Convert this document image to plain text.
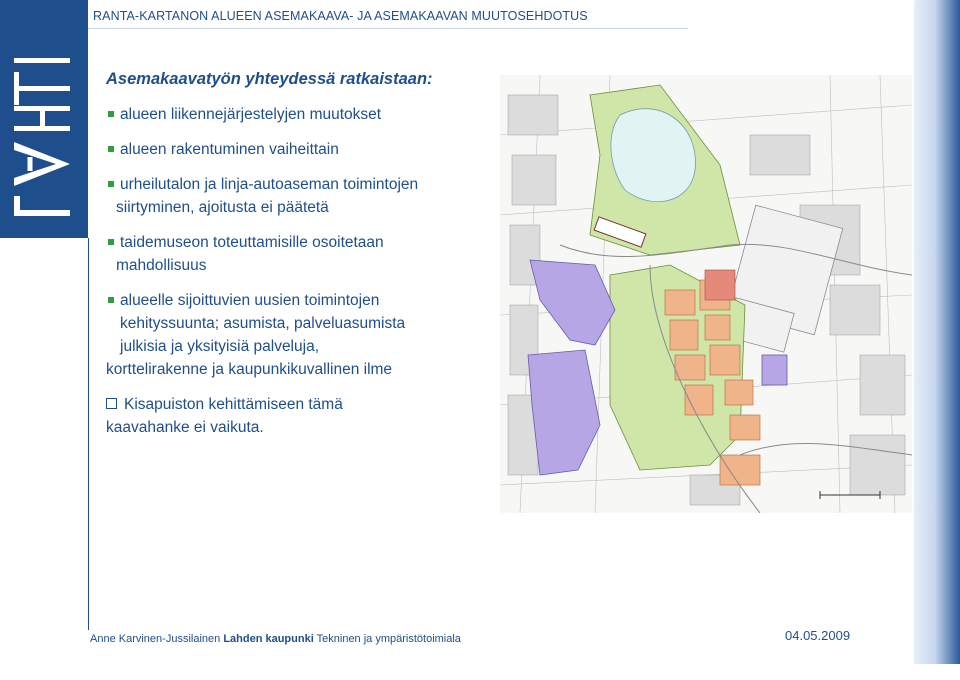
RANTA-KARTANON ALUEEN ASEMAKAAVA- JA ASEMAKAAVAN MUUTOSEHDOTUS
Asemakaavatyön yhteydessä ratkaistaan:
alueen liikennejärjestelyjen muutokset
alueen rakentuminen vaiheittain
urheilutalon ja linja-autoaseman toimintojen
siirtyminen, ajoitusta ei päätetä
taidemuseon toteuttamisille osoitetaan
mahdollisuus
alueelle sijoittuvien uusien toimintojen
kehityssuunta; asumista, palveluasumista
julkisia ja yksityisiä palveluja,
korttelirakenne ja kaupunkikuvallinen ilme
Kisapuiston kehittämiseen tämä
kaavahanke ei vaikuta.
Anne Karvinen-Jussilainen Lahden kaupunki Tekninen ja ympäristötoimiala	04.05.2009
